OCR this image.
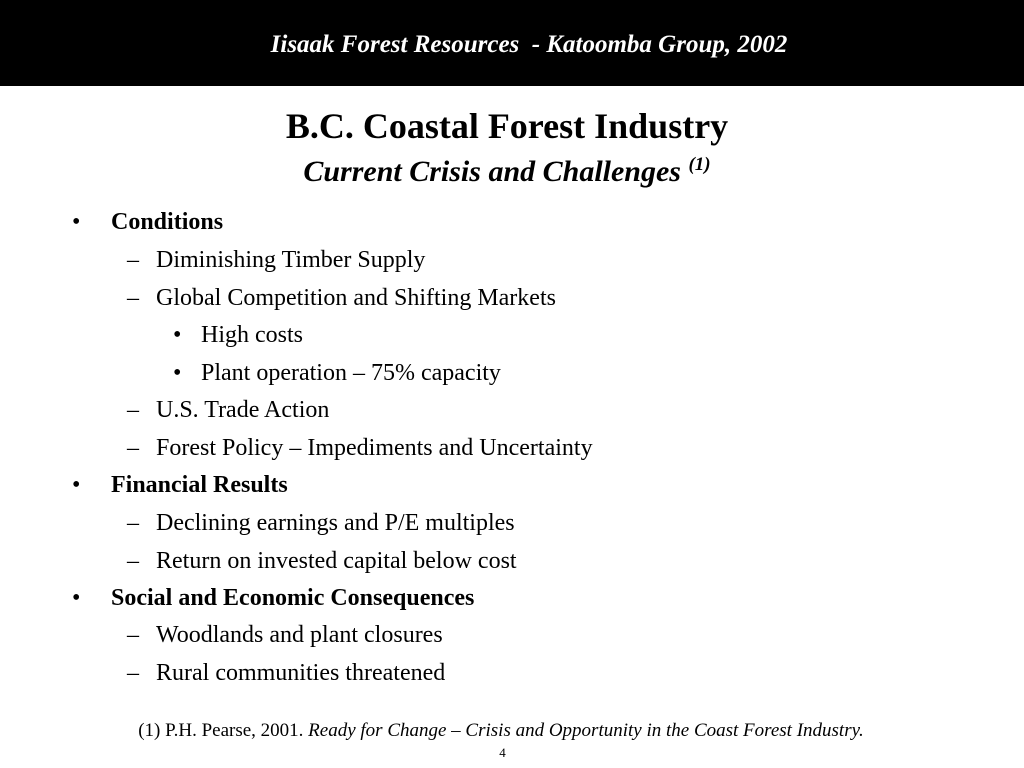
Iisaak Forest Resources  - Katoomba Group, 2002
B.C. Coastal Forest Industry
Current Crisis and Challenges $^{(1)}$
• Conditions
– Diminishing Timber Supply
– Global Competition and Shifting Markets
• High costs
• Plant operation – 75% capacity
– U.S. Trade Action
– Forest Policy – Impediments and Uncertainty
• Financial Results
– Declining earnings and P/E multiples
– Return on invested capital below cost
• Social and Economic Consequences
– Woodlands and plant closures
– Rural communities threatened
(1) P.H. Pearse, 2001. Ready for Change – Crisis and Opportunity in the Coast Forest Industry.
4
